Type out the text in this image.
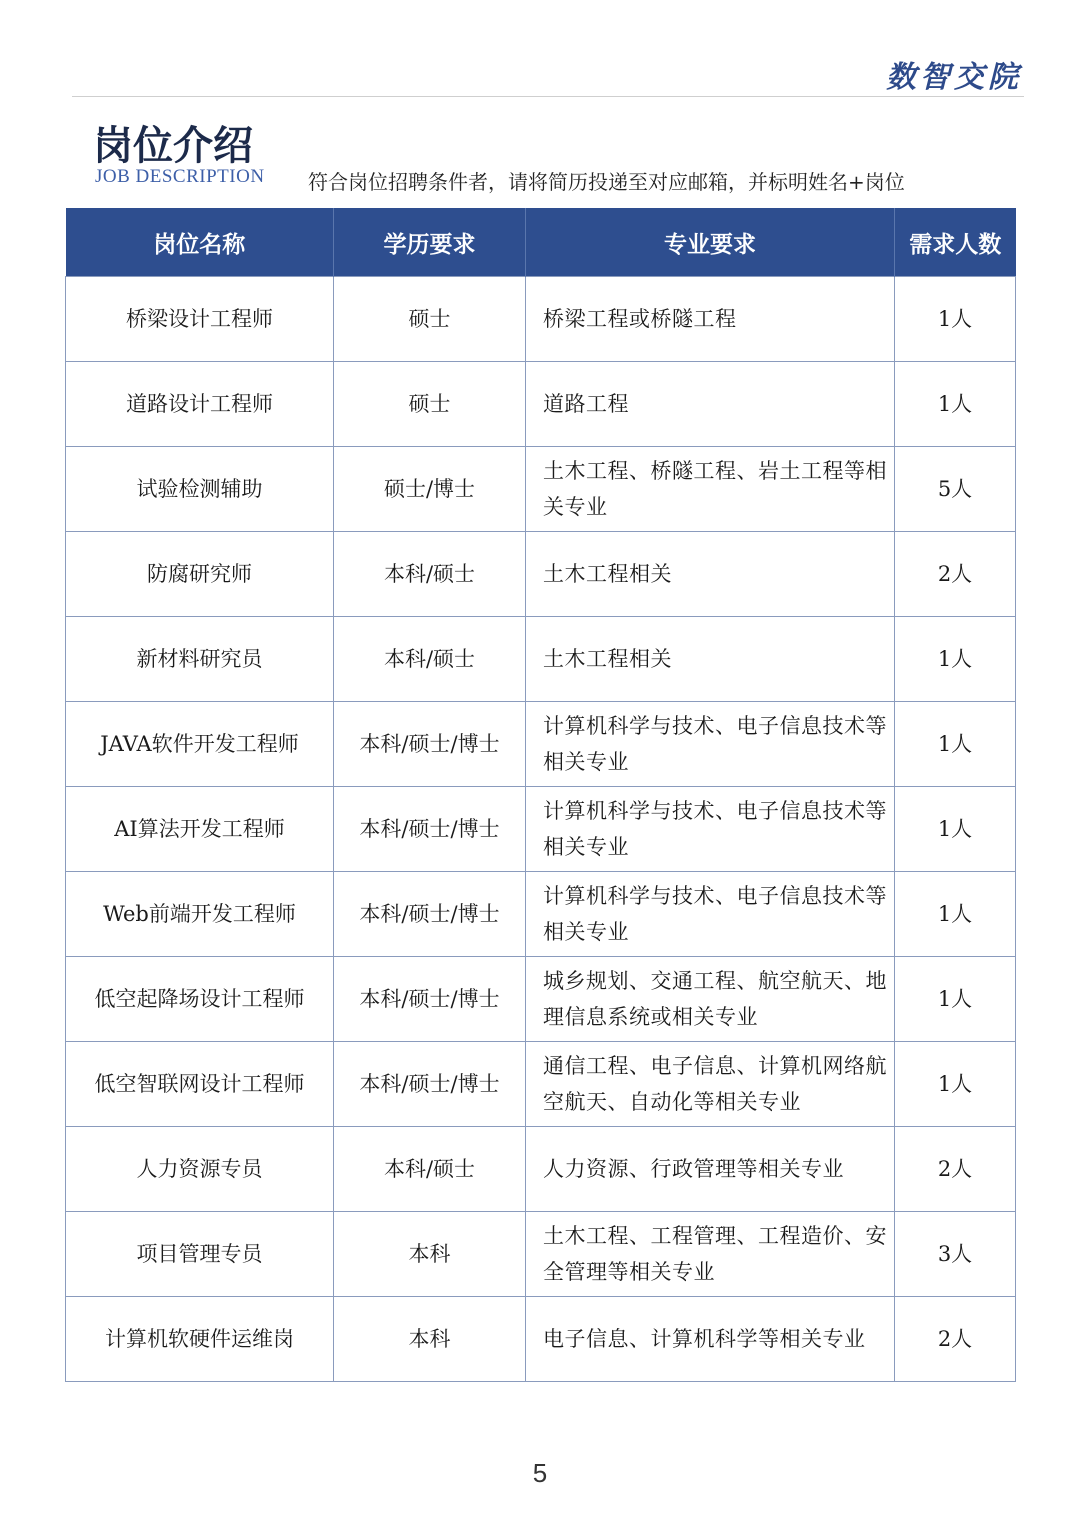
数智交院
岗位介绍
JOB DESCRIPTION 符合岗位招聘条件者，请将简历投递至对应邮箱，并标明姓名+岗位
岗位名称	学历要求	专业要求	需求人数
桥梁设计工程师	硕士	桥梁工程或桥隧工程	1人
道路设计工程师	硕士	道路工程	1人
试验检测辅助	硕士/博士	土木工程、桥隧工程、岩土工程等相关专业	5人
防腐研究师	本科/硕士	土木工程相关	2人
新材料研究员	本科/硕士	土木工程相关	1人
JAVA软件开发工程师	本科/硕士/博士	计算机科学与技术、电子信息技术等相关专业	1人
AI算法开发工程师	本科/硕士/博士	计算机科学与技术、电子信息技术等相关专业	1人
Web前端开发工程师	本科/硕士/博士	计算机科学与技术、电子信息技术等相关专业	1人
低空起降场设计工程师	本科/硕士/博士	城乡规划、交通工程、航空航天、地理信息系统或相关专业	1人
低空智联网设计工程师	本科/硕士/博士	通信工程、电子信息、计算机网络航空航天、自动化等相关专业	1人
人力资源专员	本科/硕士	人力资源、行政管理等相关专业	2人
项目管理专员	本科	土木工程、工程管理、工程造价、安全管理等相关专业	3人
计算机软硬件运维岗	本科	电子信息、计算机科学等相关专业	2人
5
